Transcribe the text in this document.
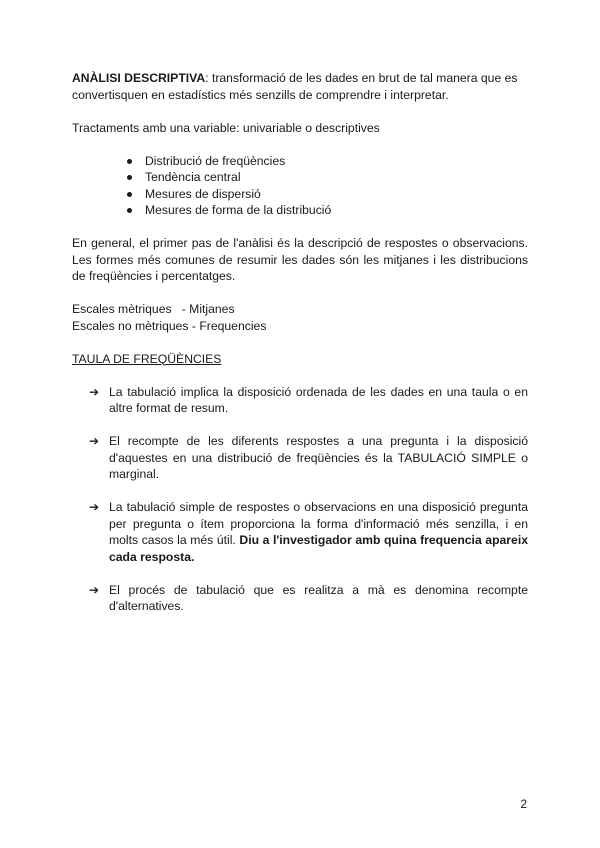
ANÀLISI DESCRIPTIVA: transformació de les dades en brut de tal manera que es convertisquen en estadístics més senzills de comprendre i interpretar.

Tractaments amb una variable: univariable o descriptives

Distribució de freqüències
Tendència central
Mesures de dispersió
Mesures de forma de la distribució

En general, el primer pas de l'anàlisi és la descripció de respostes o observacions. Les formes més comunes de resumir les dades són les mitjanes i les distribucions de freqüències i percentatges.

Escales mètriques   - Mitjanes

Escales no mètriques - Frequencies

TAULA DE FREQÜÈNCIES

➔ La tabulació implica la disposició ordenada de les dades en una taula o en altre format de resum.
➔ El recompte de les diferents respostes a una pregunta i la disposició d'aquestes en una distribució de freqüències és la TABULACIÓ SIMPLE o marginal.
➔ La tabulació simple de respostes o observacions en una disposició pregunta per pregunta o ítem proporciona la forma d'informació més senzilla, i en molts casos la més útil. Diu a l'investigador amb quina frequencia apareix cada resposta.
➔ El procés de tabulació que es realitza a mà es denomina recompte d'alternatives.
2
